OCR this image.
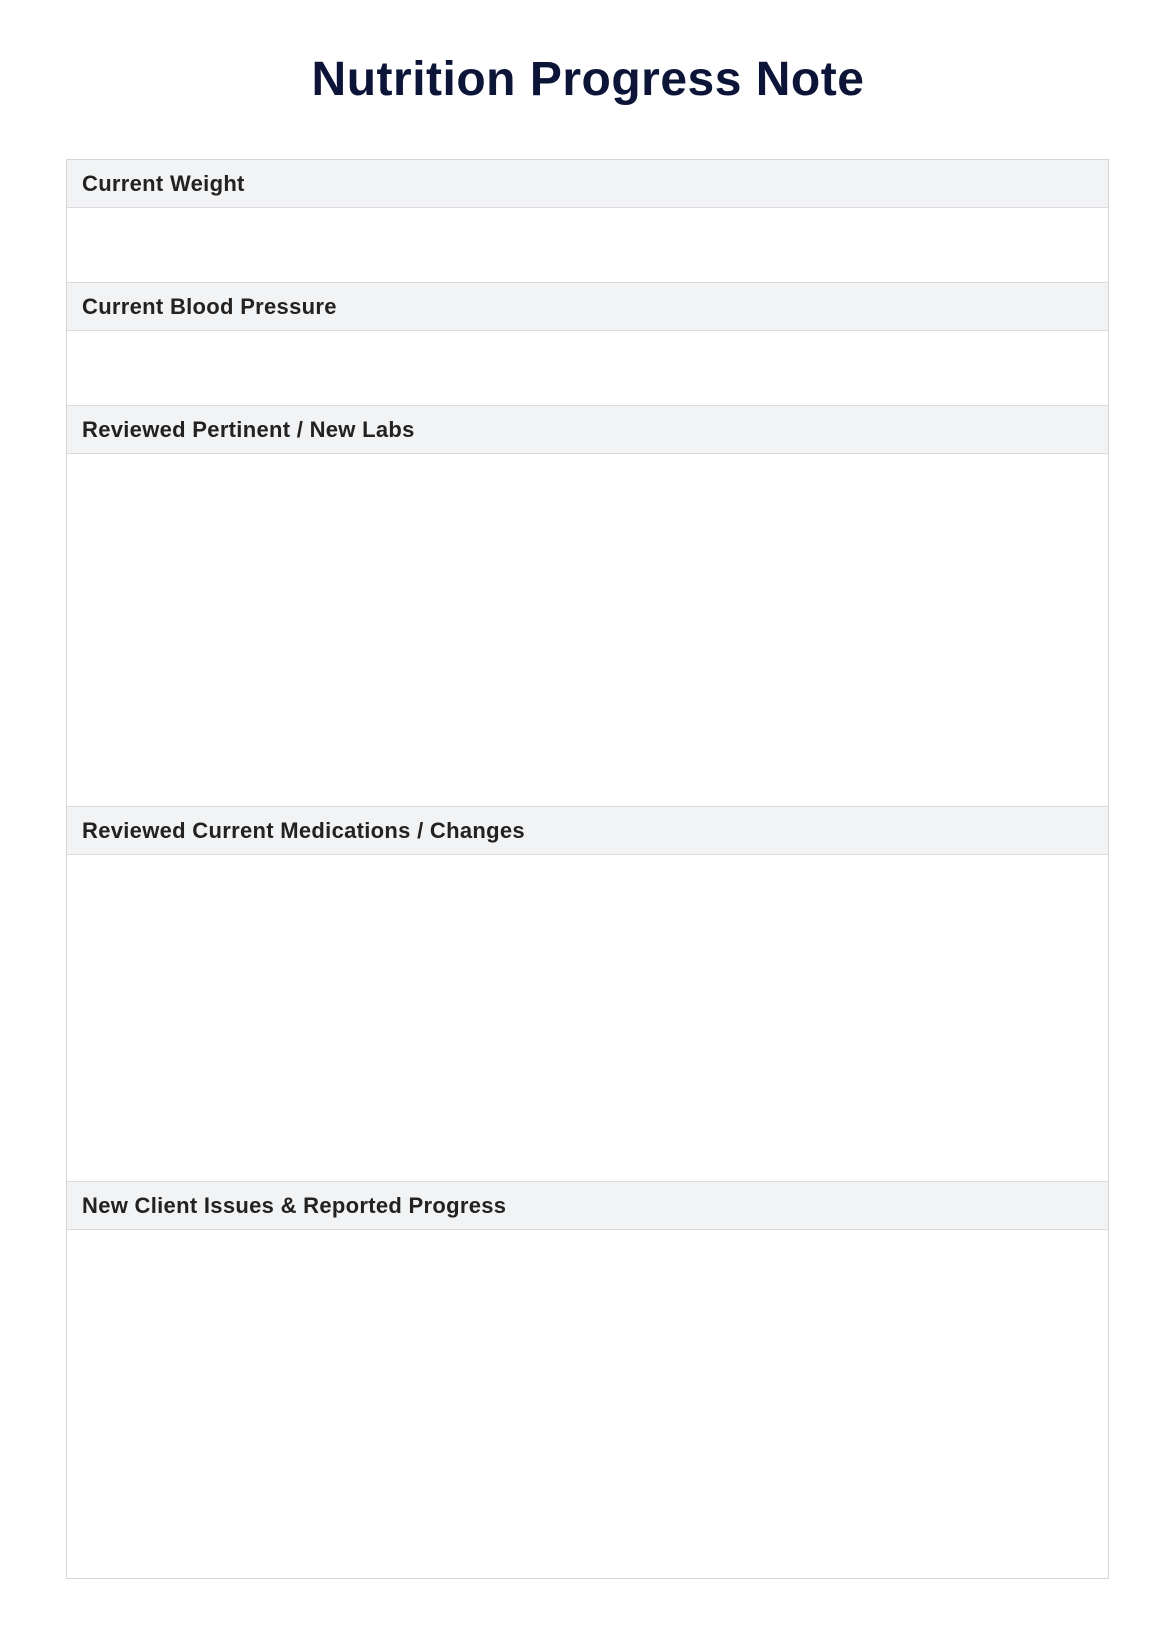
Nutrition Progress Note
Current Weight
Current Blood Pressure
Reviewed Pertinent / New Labs
Reviewed Current Medications / Changes
New Client Issues & Reported Progress
